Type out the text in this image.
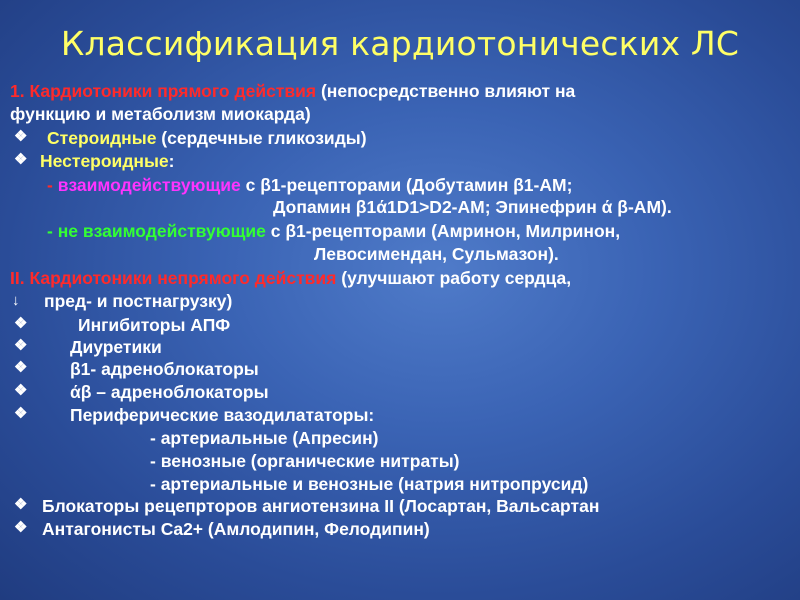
Классификация кардиотонических ЛС
1. Кардиотоники прямого действия (непосредственно влияют на
функцию и метаболизм миокарда)
❖ Стероидные (сердечные гликозиды)
❖ Нестероидные:
- взаимодействующие с β1-рецепторами (Добутамин β1-АМ;
Допамин β1ά1D1>D2-АМ; Эпинефрин ά β-АМ).
- не взаимодействующие с β1-рецепторами (Амринон, Милринон,
Левосимендан, Сульмазон).
II. Кардиотоники непрямого действия (улучшают работу сердца,
↓ пред- и постнагрузку)
❖	Ингибиторы АПФ
❖ Диуретики
❖ β1- адреноблокаторы
❖ άβ – адреноблокаторы
❖ Периферические вазодилататоры:
- артериальные (Апресин)
- венозные (органические нитраты)
- артериальные и венозные (натрия нитропрусид)
❖ Блокаторы рецепрторов ангиотензина II (Лосартан, Вальсартан
❖ Антагонисты Ca2+ (Амлодипин, Фелодипин)
